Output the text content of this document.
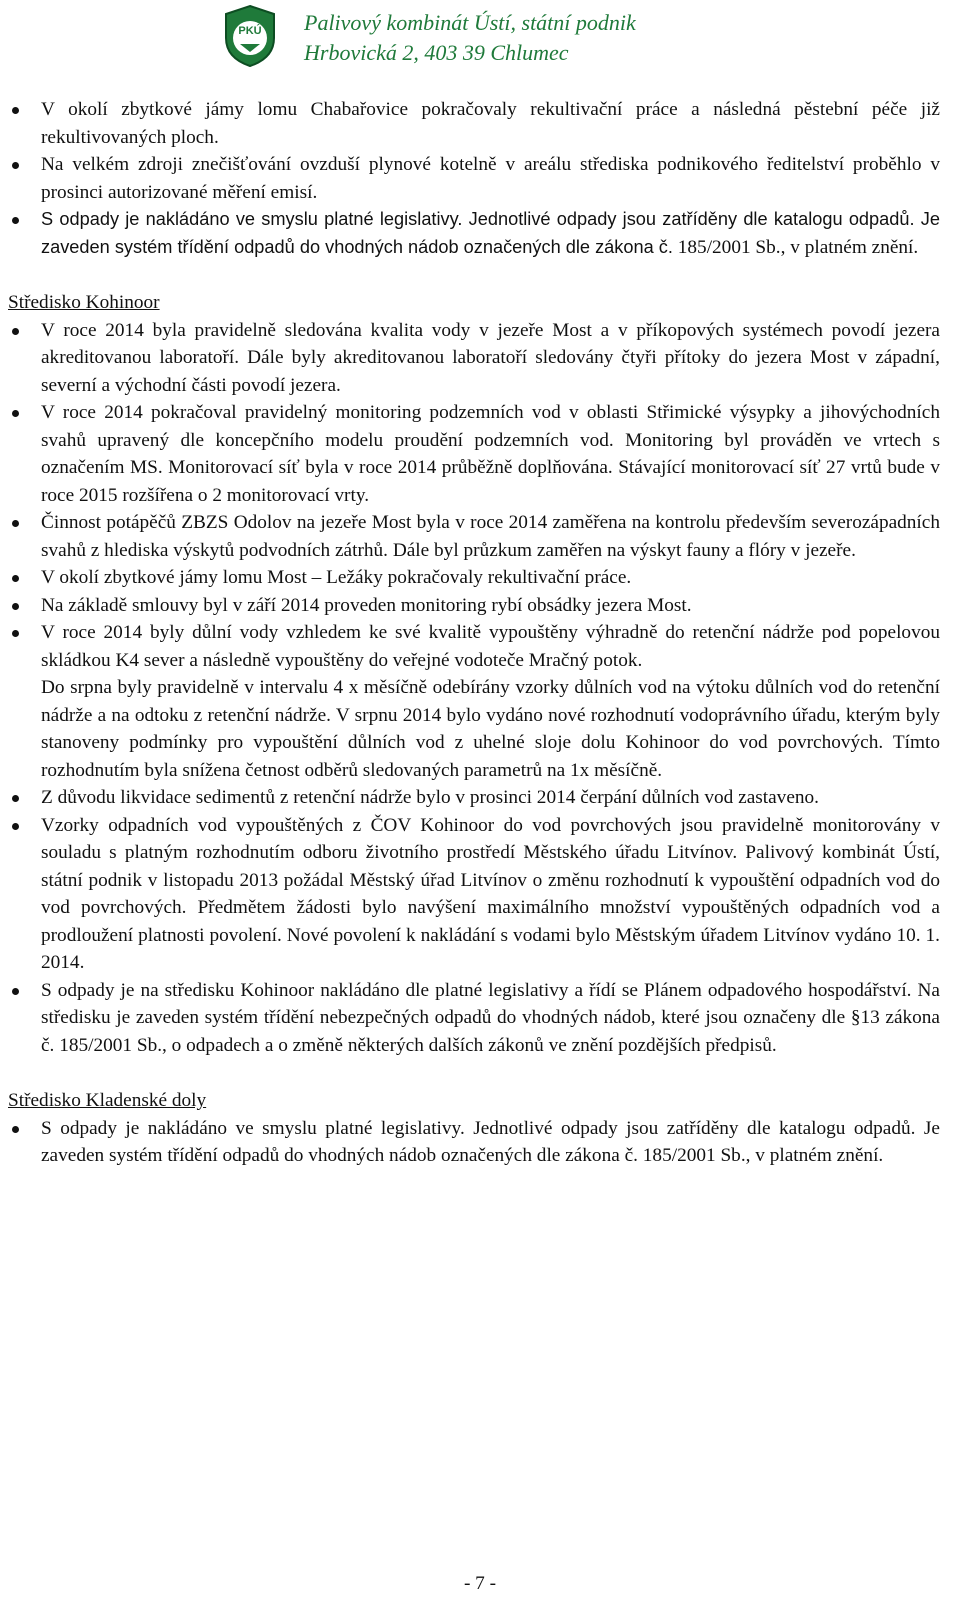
PKÚ Palivový kombinát Ústí, státní podnik
Hrbovická 2, 403 39 Chlumec
V okolí zbytkové jámy lomu Chabařovice pokračovaly rekultivační práce a následná pěstební péče již rekultivovaných ploch.
Na velkém zdroji znečišťování ovzduší plynové kotelně v areálu střediska podnikového ředitelství proběhlo v prosinci autorizované měření emisí.
S odpady je nakládáno ve smyslu platné legislativy. Jednotlivé odpady jsou zatříděny dle katalogu odpadů. Je zaveden systém třídění odpadů do vhodných nádob označených dle zákona č. 185/2001 Sb., v platném znění.
Středisko Kohinoor
V roce 2014 byla pravidelně sledována kvalita vody v jezeře Most a v příkopových systémech povodí jezera akreditovanou laboratoří. Dále byly akreditovanou laboratoří sledovány čtyři přítoky do jezera Most v západní, severní a východní části povodí jezera.
V roce 2014 pokračoval pravidelný monitoring podzemních vod v oblasti Střimické výsypky a jihovýchodních svahů upravený dle koncepčního modelu proudění podzemních vod. Monitoring byl prováděn ve vrtech s označením MS. Monitorovací síť byla v roce 2014 průběžně doplňována. Stávající monitorovací síť 27 vrtů bude v roce 2015 rozšířena o 2 monitorovací vrty.
Činnost potápěčů ZBZS Odolov na jezeře Most byla v roce 2014 zaměřena na kontrolu především severozápadních svahů z hlediska výskytů podvodních zátrhů. Dále byl průzkum zaměřen na výskyt fauny a flóry v jezeře.
V okolí zbytkové jámy lomu Most – Ležáky pokračovaly rekultivační práce.
Na základě smlouvy byl v září 2014 proveden monitoring rybí obsádky jezera Most.

V roce 2014 byly důlní vody vzhledem ke své kvalitě vypouštěny výhradně do retenční nádrže pod popelovou skládkou K4 sever a následně vypouštěny do veřejné vodoteče Mračný potok.

Do srpna byly pravidelně v intervalu 4 x měsíčně odebírány vzorky důlních vod na výtoku důlních vod do retenční nádrže a na odtoku z retenční nádrže. V srpnu 2014 bylo vydáno nové rozhodnutí vodoprávního úřadu, kterým byly stanoveny podmínky pro vypouštění důlních vod z uhelné sloje dolu Kohinoor do vod povrchových. Tímto rozhodnutím byla snížena četnost odběrů sledovaných parametrů na 1x měsíčně.

Z důvodu likvidace sedimentů z retenční nádrže bylo v prosinci 2014 čerpání důlních vod zastaveno.
Vzorky odpadních vod vypouštěných z ČOV Kohinoor do vod povrchových jsou pravidelně monitorovány v souladu s platným rozhodnutím odboru životního prostředí Městského úřadu Litvínov. Palivový kombinát Ústí, státní podnik v listopadu 2013 požádal Městský úřad Litvínov o změnu rozhodnutí k vypouštění odpadních vod do vod povrchových. Předmětem žádosti bylo navýšení maximálního množství vypouštěných odpadních vod a prodloužení platnosti povolení. Nové povolení k nakládání s vodami bylo Městským úřadem Litvínov vydáno 10. 1. 2014.
S odpady je na středisku Kohinoor nakládáno dle platné legislativy a řídí se Plánem odpadového hospodářství. Na středisku je zaveden systém třídění nebezpečných odpadů do vhodných nádob, které jsou označeny dle §13 zákona č. 185/2001 Sb., o odpadech a o změně některých dalších zákonů ve znění pozdějších předpisů.
Středisko Kladenské doly
S odpady je nakládáno ve smyslu platné legislativy. Jednotlivé odpady jsou zatříděny dle katalogu odpadů. Je zaveden systém třídění odpadů do vhodných nádob označených dle zákona č. 185/2001 Sb., v platném znění.
- 7 -
